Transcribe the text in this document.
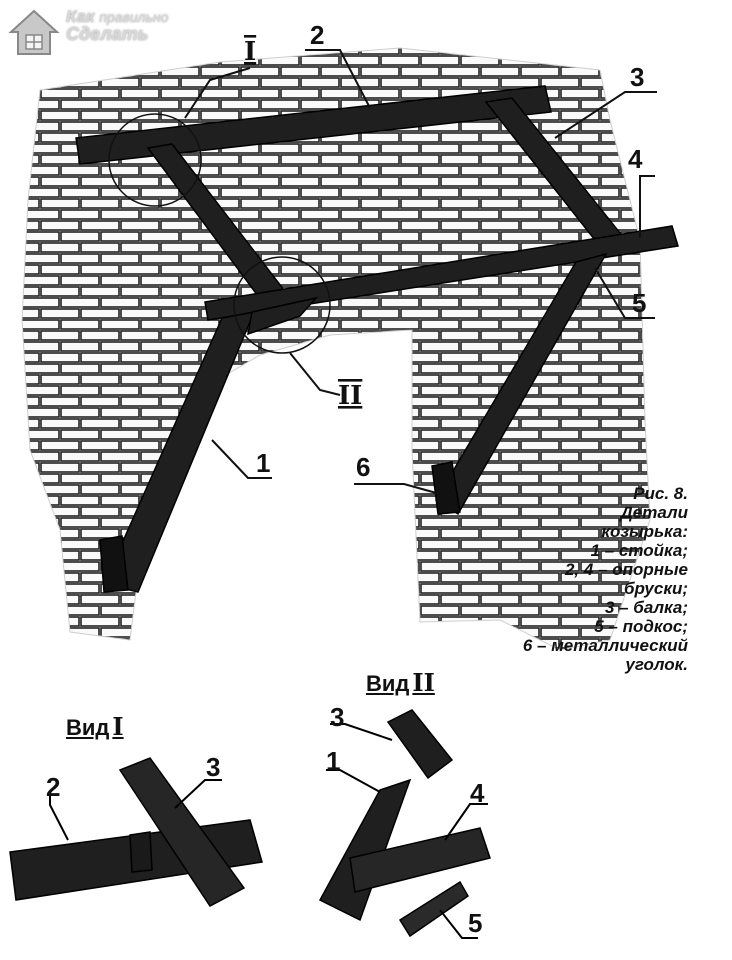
2
3
4
5
1	6
I
II
2
3
3
1
4
5
Как правильно
Сделать
Рис. 8.
Детали
козырька:
1 – стойка;
2, 4 – опорные
бруски;
3 – балка;
5 – подкос;
6 – металлический
уголок.
Вид I
Вид II
